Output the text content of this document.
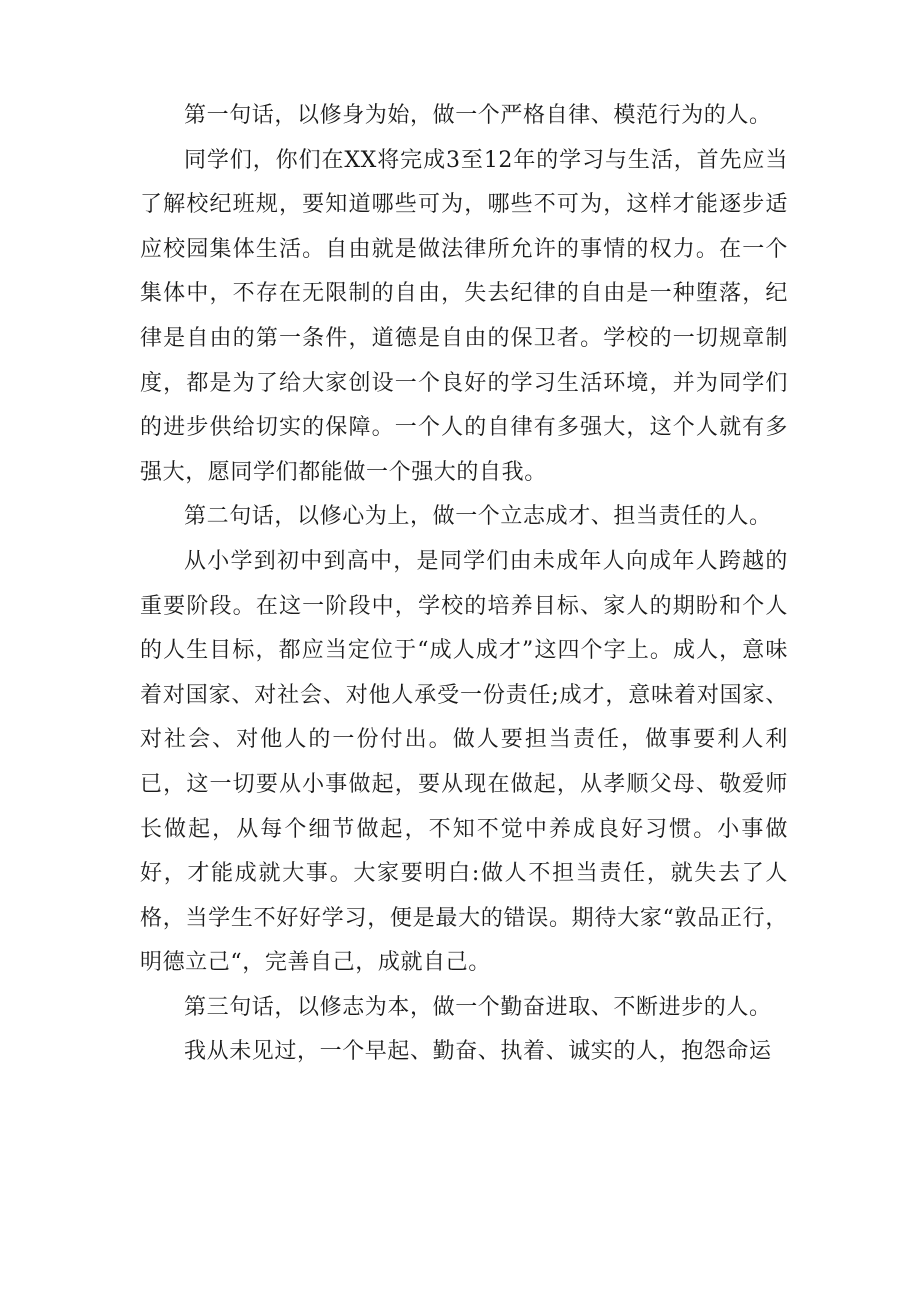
第一句话，以修身为始，做一个严格自律、模范行为的人。

同学们，你们在XX将完成3至12年的学习与生活，首先应当了解校纪班规，要知道哪些可为，哪些不可为，这样才能逐步适应校园集体生活。自由就是做法律所允许的事情的权力。在一个集体中，不存在无限制的自由，失去纪律的自由是一种堕落，纪律是自由的第一条件，道德是自由的保卫者。学校的一切规章制度，都是为了给大家创设一个良好的学习生活环境，并为同学们的进步供给切实的保障。一个人的自律有多强大，这个人就有多强大，愿同学们都能做一个强大的自我。

第二句话，以修心为上，做一个立志成才、担当责任的人。

从小学到初中到高中，是同学们由未成年人向成年人跨越的重要阶段。在这一阶段中，学校的培养目标、家人的期盼和个人的人生目标，都应当定位于“成人成才”这四个字上。成人，意味着对国家、对社会、对他人承受一份责任;成才，意味着对国家、对社会、对他人的一份付出。做人要担当责任，做事要利人利已，这一切要从小事做起，要从现在做起，从孝顺父母、敬爱师长做起，从每个细节做起，不知不觉中养成良好习惯。小事做好，才能成就大事。大家要明白:做人不担当责任，就失去了人格，当学生不好好学习，便是最大的错误。期待大家“敦品正行，明德立己“，完善自己，成就自己。

第三句话，以修志为本，做一个勤奋进取、不断进步的人。

我从未见过，一个早起、勤奋、执着、诚实的人，抱怨命运
